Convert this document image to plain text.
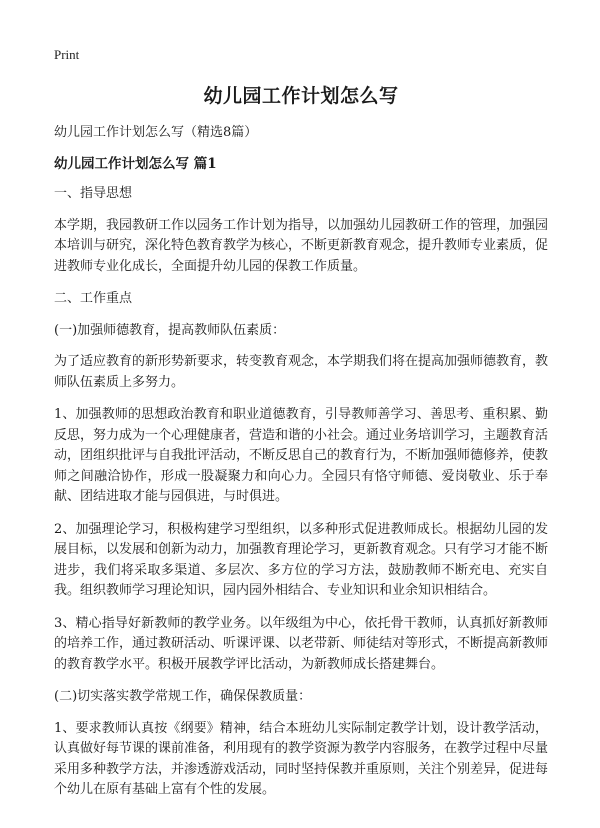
Print
幼儿园工作计划怎么写
幼儿园工作计划怎么写（精选8篇）
幼儿园工作计划怎么写 篇1

一、指导思想

本学期，我园教研工作以园务工作计划为指导，以加强幼儿园教研工作的管理，加强园本培训与研究，深化特色教育教学为核心，不断更新教育观念，提升教师专业素质，促进教师专业化成长，全面提升幼儿园的保教工作质量。

二、工作重点

(一)加强师德教育，提高教师队伍素质：

为了适应教育的新形势新要求，转变教育观念，本学期我们将在提高加强师德教育，教师队伍素质上多努力。

1、加强教师的思想政治教育和职业道德教育，引导教师善学习、善思考、重积累、勤反思，努力成为一个心理健康者，营造和谐的小社会。通过业务培训学习，主题教育活动，团组织批评与自我批评活动，不断反思自己的教育行为，不断加强师德修养，使教师之间融洽协作，形成一股凝聚力和向心力。全园只有恪守师德、爱岗敬业、乐于奉献、团结进取才能与园俱进，与时俱进。

2、加强理论学习，积极构建学习型组织，以多种形式促进教师成长。根据幼儿园的发展目标，以发展和创新为动力，加强教育理论学习，更新教育观念。只有学习才能不断进步，我们将采取多渠道、多层次、多方位的学习方法，鼓励教师不断充电、充实自我。组织教师学习理论知识，园内园外相结合、专业知识和业余知识相结合。

3、精心指导好新教师的教学业务。以年级组为中心，依托骨干教师，认真抓好新教师的培养工作，通过教研活动、听课评课、以老带新、师徒结对等形式，不断提高新教师的教育教学水平。积极开展教学评比活动，为新教师成长搭建舞台。

(二)切实落实教学常规工作，确保保教质量：

1、要求教师认真按《纲要》精神，结合本班幼儿实际制定教学计划，设计教学活动，认真做好每节课的课前准备，利用现有的教学资源为教学内容服务，在教学过程中尽量采用多种教学方法，并渗透游戏活动，同时坚持保教并重原则，关注个别差异，促进每个幼儿在原有基础上富有个性的发展。
